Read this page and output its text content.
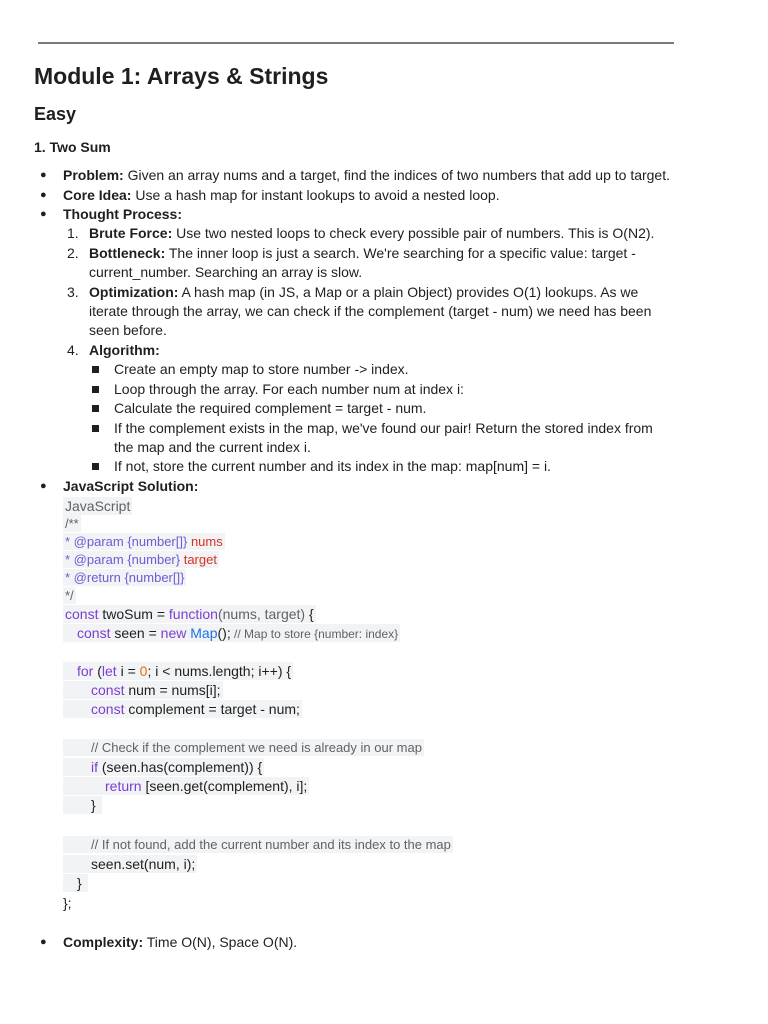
Module 1: Arrays & Strings
Easy
1. Two Sum
● Problem: Given an array nums and a target, find the indices of two numbers that add up to target.
● Core Idea: Use a hash map for instant lookups to avoid a nested loop.
● Thought Process:
1. Brute Force: Use two nested loops to check every possible pair of numbers. This is O(N2).
2. Bottleneck: The inner loop is just a search. We're searching for a specific value: target -
current_number. Searching an array is slow.
3. Optimization: A hash map (in JS, a Map or a plain Object) provides O(1) lookups. As we
iterate through the array, we can check if the complement (target - num) we need has been
seen before.
4. Algorithm:
Create an empty map to store number -> index.
Loop through the array. For each number num at index i:
Calculate the required complement = target - num.
If the complement exists in the map, we've found our pair! Return the stored index from
the map and the current index i.
If not, store the current number and its index in the map: map[num] = i.
● JavaScript Solution:
JavaScript
/**
* @param {number[]} nums
* @param {number} target
* @return {number[]}
*/
const twoSum = function(nums, target) {
const seen = new Map(); // Map to store {number: index}
for (let i = 0; i < nums.length; i++) {
const num = nums[i];
const complement = target - num;
// Check if the complement we need is already in our map
if (seen.has(complement)) {
return [seen.get(complement), i];
}
// If not found, add the current number and its index to the map
seen.set(num, i);
}
};
● Complexity: Time O(N), Space O(N).
